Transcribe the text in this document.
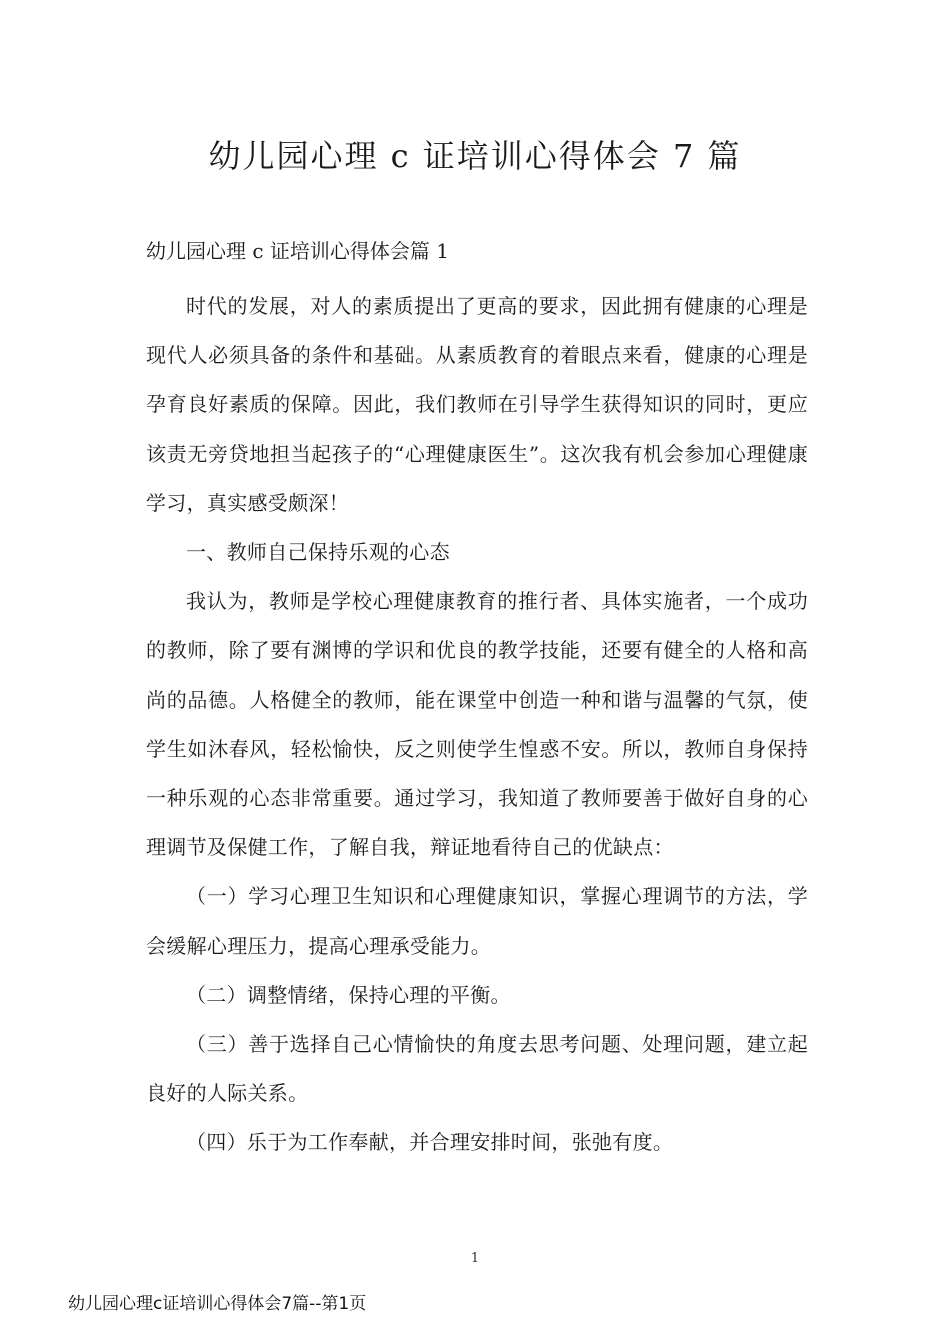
幼儿园心理 c 证培训心得体会 7 篇
幼儿园心理 c 证培训心得体会篇 1

时代的发展，对人的素质提出了更高的要求，因此拥有健康的心理是现代人必须具备的条件和基础。从素质教育的着眼点来看，健康的心理是孕育良好素质的保障。因此，我们教师在引导学生获得知识的同时，更应该责无旁贷地担当起孩子的“心理健康医生”。这次我有机会参加心理健康学习，真实感受颇深！

一、教师自己保持乐观的心态

我认为，教师是学校心理健康教育的推行者、具体实施者，一个成功的教师，除了要有渊博的学识和优良的教学技能，还要有健全的人格和高尚的品德。人格健全的教师，能在课堂中创造一种和谐与温馨的气氛，使学生如沐春风，轻松愉快，反之则使学生惶惑不安。所以，教师自身保持一种乐观的心态非常重要。通过学习，我知道了教师要善于做好自身的心理调节及保健工作，了解自我，辩证地看待自己的优缺点：

（一）学习心理卫生知识和心理健康知识，掌握心理调节的方法，学会缓解心理压力，提高心理承受能力。

（二）调整情绪，保持心理的平衡。

（三）善于选择自己心情愉快的角度去思考问题、处理问题，建立起良好的人际关系。

（四）乐于为工作奉献，并合理安排时间，张弛有度。

1
幼儿园心理c证培训心得体会7篇--第1页
